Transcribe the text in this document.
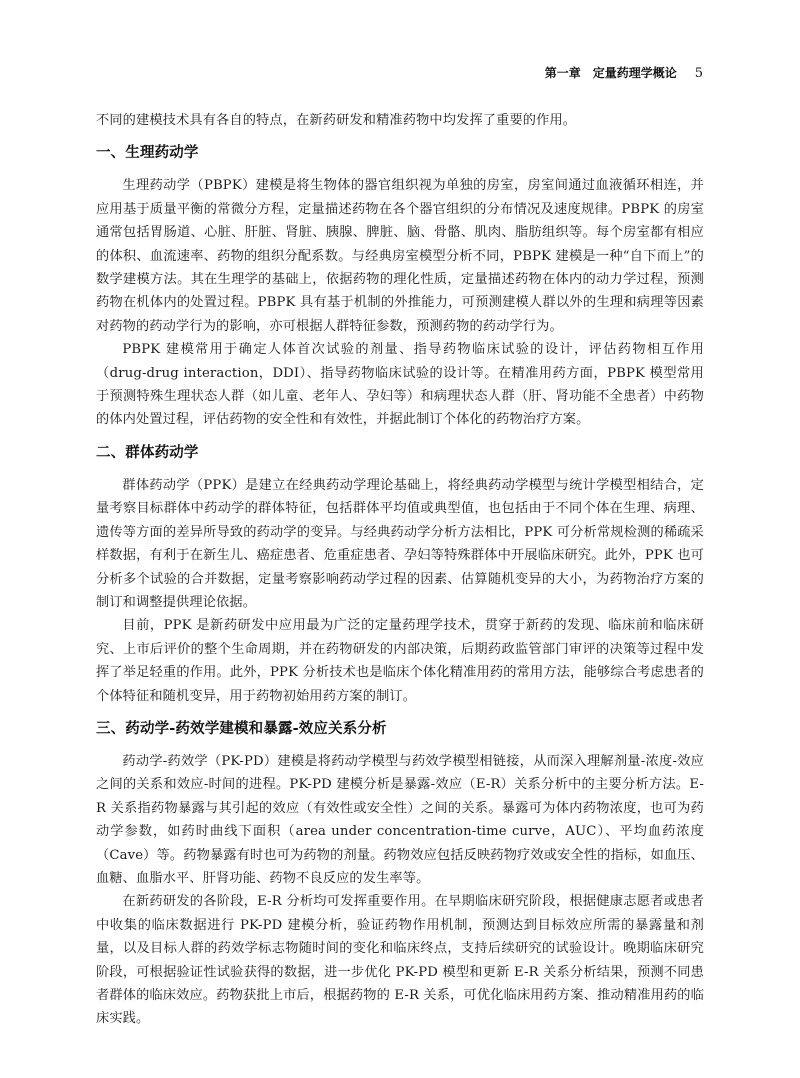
第一章　定量药理学概论 5

不同的建模技术具有各自的特点，在新药研发和精准药物中均发挥了重要的作用。

一、生理药动学

生理药动学（PBPK）建模是将生物体的器官组织视为单独的房室，房室间通过血液循环相连，并应用基于质量平衡的常微分方程，定量描述药物在各个器官组织的分布情况及速度规律。PBPK 的房室通常包括胃肠道、心脏、肝脏、肾脏、胰腺、脾脏、脑、骨骼、肌肉、脂肪组织等。每个房室都有相应的体积、血流速率、药物的组织分配系数。与经典房室模型分析不同，PBPK 建模是一种“自下而上”的数学建模方法。其在生理学的基础上，依据药物的理化性质，定量描述药物在体内的动力学过程，预测药物在机体内的处置过程。PBPK 具有基于机制的外推能力，可预测建模人群以外的生理和病理等因素对药物的药动学行为的影响，亦可根据人群特征参数，预测药物的药动学行为。

PBPK 建模常用于确定人体首次试验的剂量、指导药物临床试验的设计，评估药物相互作用（drug-drug interaction，DDI）、指导药物临床试验的设计等。在精准用药方面，PBPK 模型常用于预测特殊生理状态人群（如儿童、老年人、孕妇等）和病理状态人群（肝、肾功能不全患者）中药物的体内处置过程，评估药物的安全性和有效性，并据此制订个体化的药物治疗方案。

二、群体药动学

群体药动学（PPK）是建立在经典药动学理论基础上，将经典药动学模型与统计学模型相结合，定量考察目标群体中药动学的群体特征，包括群体平均值或典型值，也包括由于不同个体在生理、病理、遗传等方面的差异所导致的药动学的变异。与经典药动学分析方法相比，PPK 可分析常规检测的稀疏采样数据，有利于在新生儿、癌症患者、危重症患者、孕妇等特殊群体中开展临床研究。此外，PPK 也可分析多个试验的合并数据，定量考察影响药动学过程的因素、估算随机变异的大小，为药物治疗方案的制订和调整提供理论依据。

目前，PPK 是新药研发中应用最为广泛的定量药理学技术，贯穿于新药的发现、临床前和临床研究、上市后评价的整个生命周期，并在药物研发的内部决策，后期药政监管部门审评的决策等过程中发挥了举足轻重的作用。此外，PPK 分析技术也是临床个体化精准用药的常用方法，能够综合考虑患者的个体特征和随机变异，用于药物初始用药方案的制订。

三、药动学-药效学建模和暴露-效应关系分析

药动学-药效学（PK-PD）建模是将药动学模型与药效学模型相链接，从而深入理解剂量-浓度-效应之间的关系和效应-时间的进程。PK-PD 建模分析是暴露-效应（E-R）关系分析中的主要分析方法。E-R 关系指药物暴露与其引起的效应（有效性或安全性）之间的关系。暴露可为体内药物浓度，也可为药动学参数，如药时曲线下面积（area under concentration-time curve，AUC）、平均血药浓度（Cave）等。药物暴露有时也可为药物的剂量。药物效应包括反映药物疗效或安全性的指标，如血压、血糖、血脂水平、肝肾功能、药物不良反应的发生率等。

在新药研发的各阶段，E-R 分析均可发挥重要作用。在早期临床研究阶段，根据健康志愿者或患者中收集的临床数据进行 PK-PD 建模分析，验证药物作用机制，预测达到目标效应所需的暴露量和剂量，以及目标人群的药效学标志物随时间的变化和临床终点，支持后续研究的试验设计。晚期临床研究阶段，可根据验证性试验获得的数据，进一步优化 PK-PD 模型和更新 E-R 关系分析结果，预测不同患者群体的临床效应。药物获批上市后，根据药物的 E-R 关系，可优化临床用药方案、推动精准用药的临床实践。
